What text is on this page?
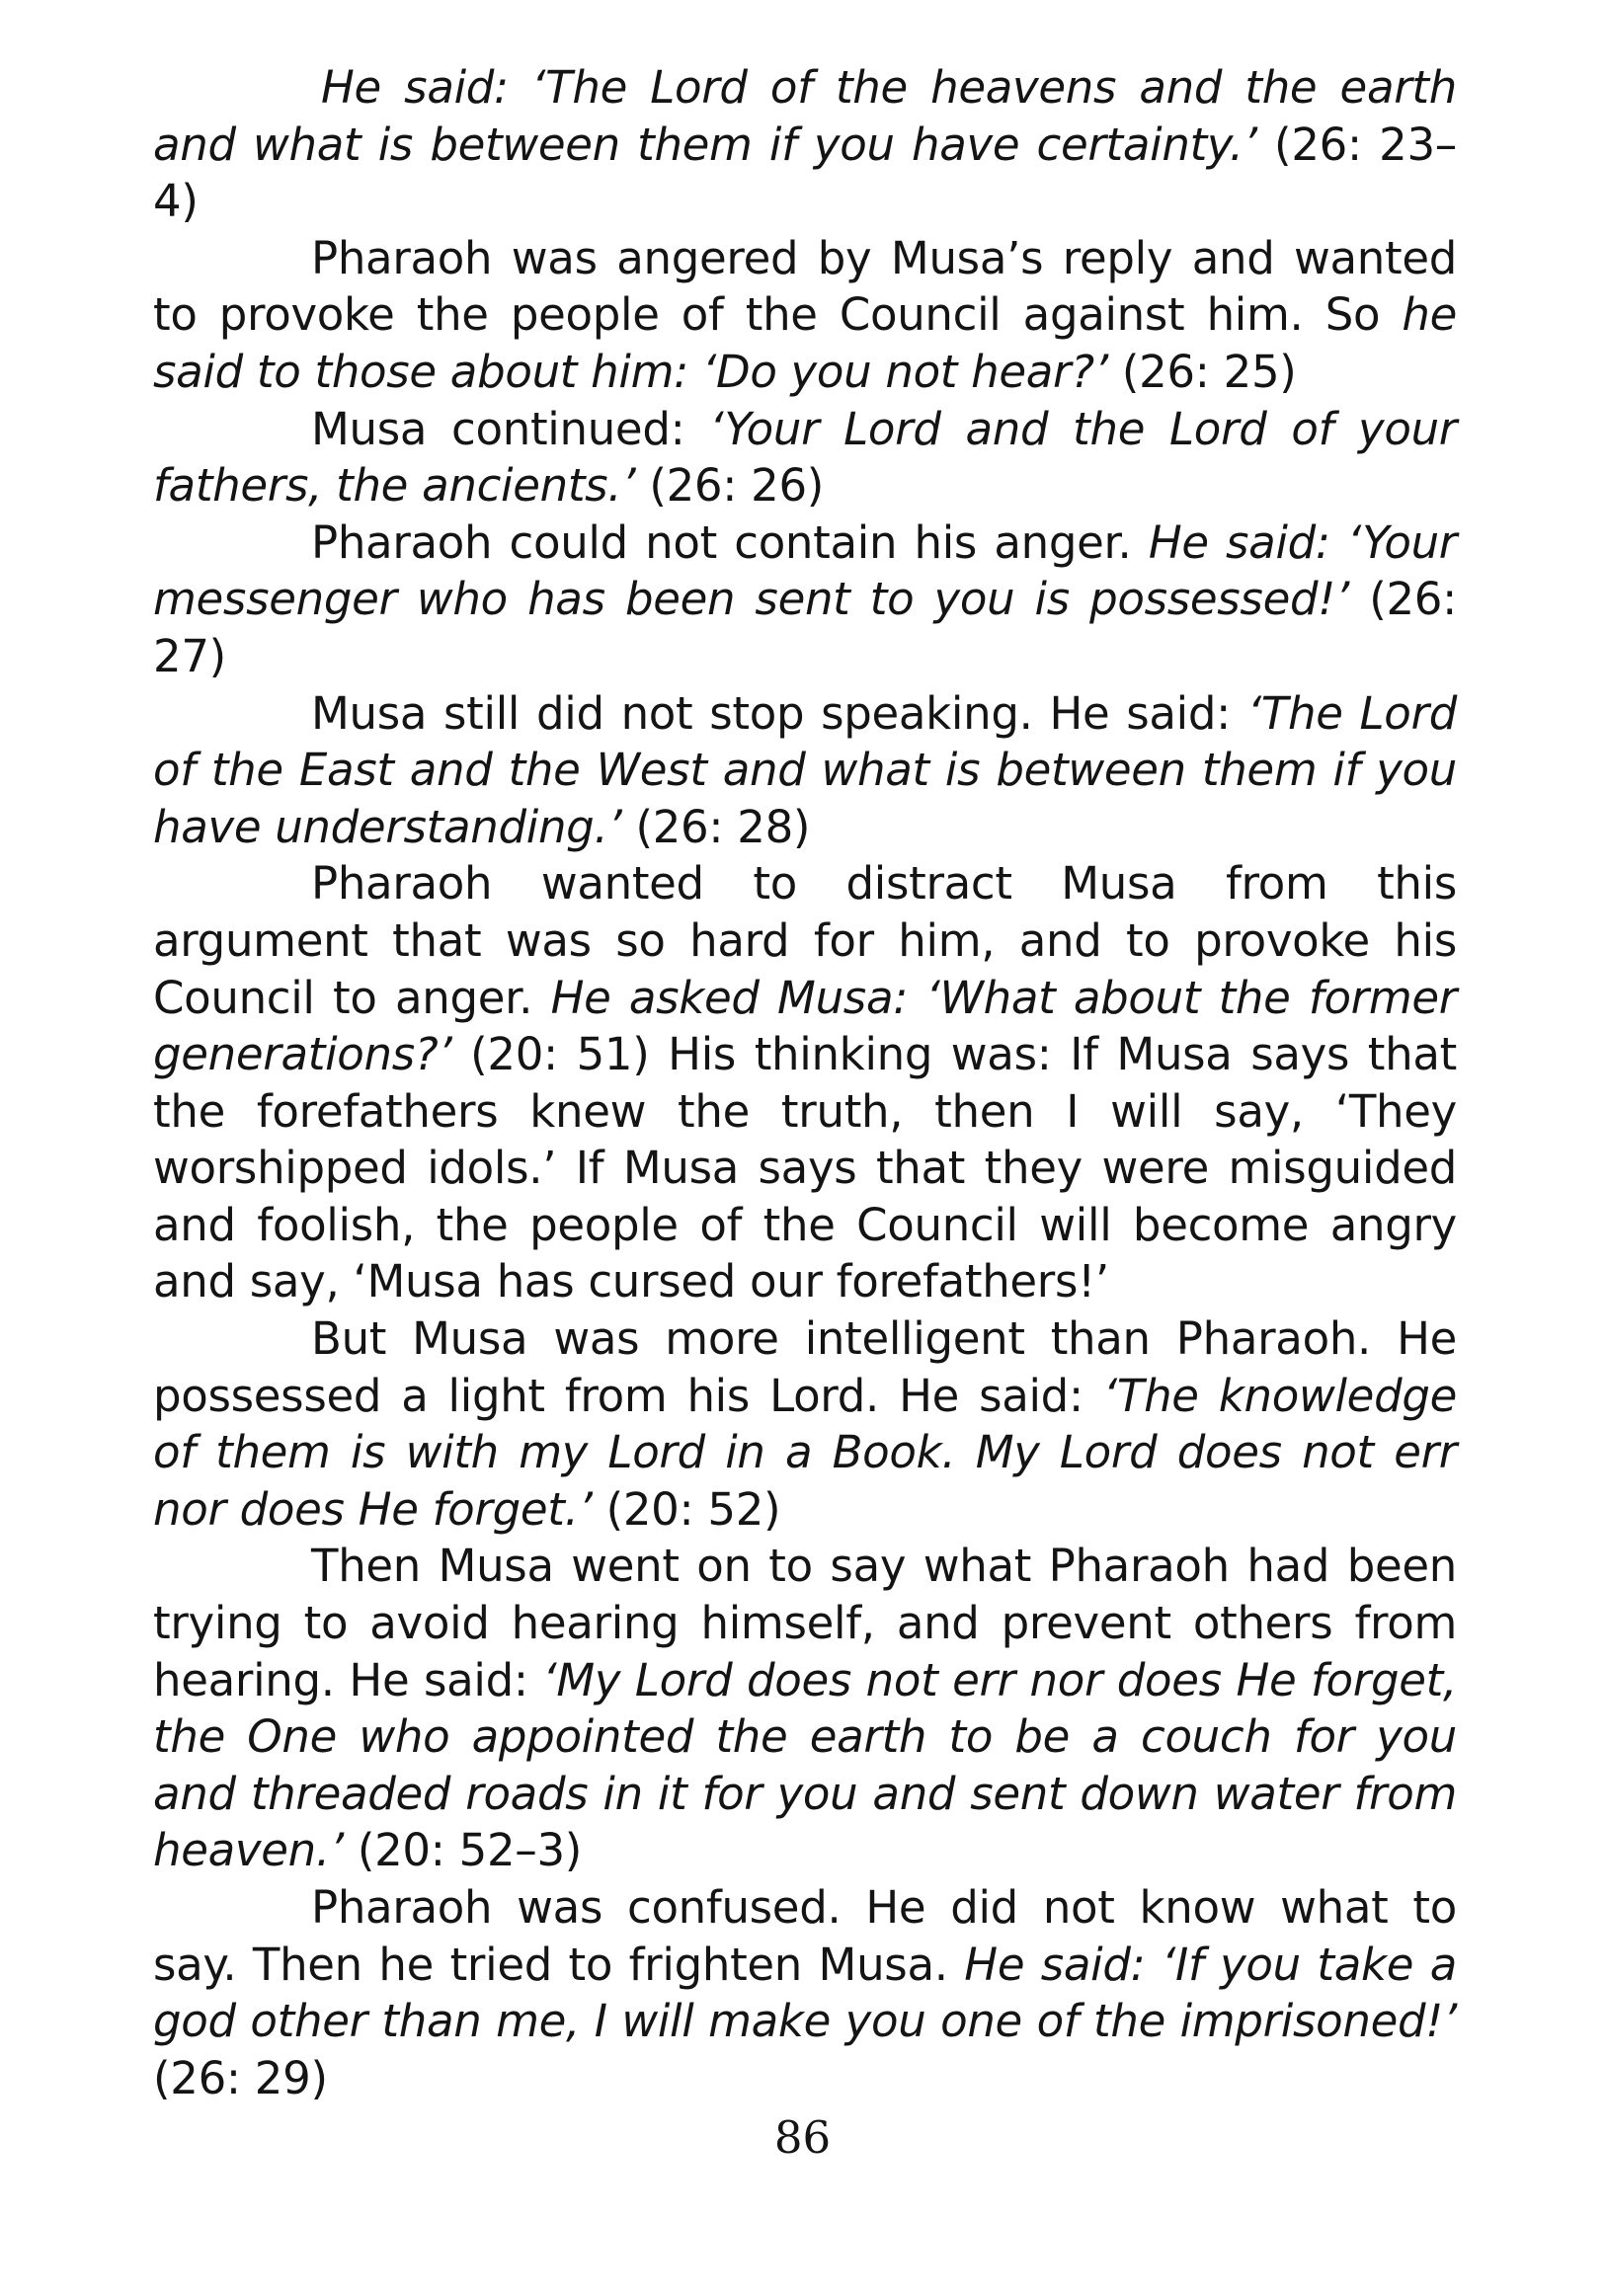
He said: ‘The Lord of the heavens and the earth and what is between them if you have certainty.’ (26: 23–4)

Pharaoh was angered by Musa’s reply and wanted to provoke the people of the Council against him. So he said to those about him: ‘Do you not hear?’ (26: 25)

Musa continued: ‘Your Lord and the Lord of your fathers, the ancients.’ (26: 26)

Pharaoh could not contain his anger. He said: ‘Your messenger who has been sent to you is possessed!’ (26: 27)

Musa still did not stop speaking. He said: ‘The Lord of the East and the West and what is between them if you have understanding.’ (26: 28)

Pharaoh wanted to distract Musa from this argument that was so hard for him, and to provoke his Council to anger. He asked Musa: ‘What about the former generations?’ (20: 51) His thinking was: If Musa says that the forefathers knew the truth, then I will say, ‘They worshipped idols.’ If Musa says that they were misguided and foolish, the people of the Council will become angry and say, ‘Musa has cursed our forefathers!’

But Musa was more intelligent than Pharaoh. He possessed a light from his Lord. He said: ‘The knowledge of them is with my Lord in a Book. My Lord does not err nor does He forget.’ (20: 52)

Then Musa went on to say what Pharaoh had been trying to avoid hearing himself, and prevent others from hearing. He said: ‘My Lord does not err nor does He forget, the One who appointed the earth to be a couch for you and threaded roads in it for you and sent down water from heaven.’ (20: 52–3)

Pharaoh was confused. He did not know what to say. Then he tried to frighten Musa. He said: ‘If you take a god other than me, I will make you one of the imprisoned!’ (26: 29)

86
